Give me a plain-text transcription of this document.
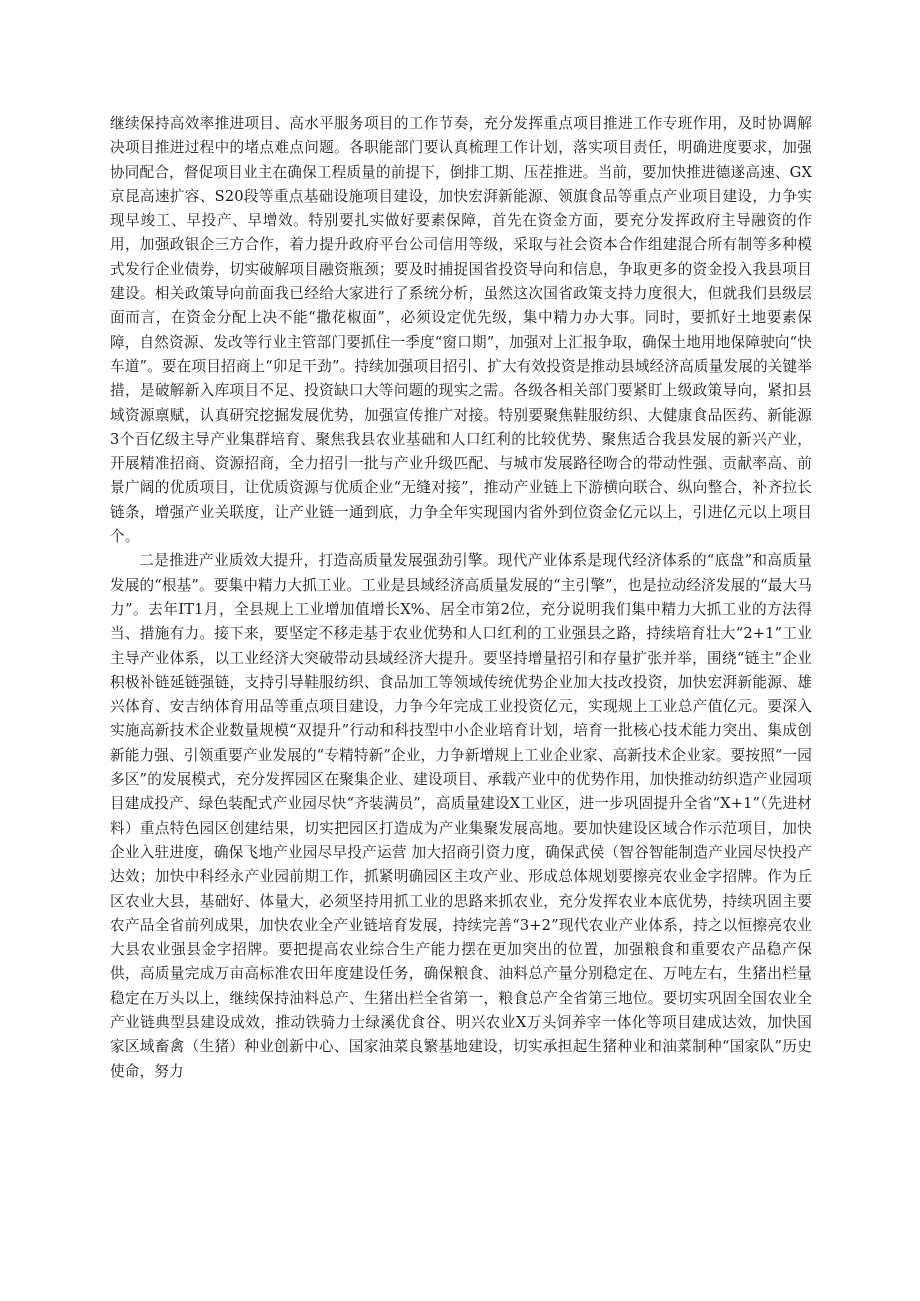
继续保持高效率推进项目、高水平服务项目的工作节奏，充分发挥重点项目推进工作专班作用，及时协调解决项目推进过程中的堵点难点问题。各职能部门要认真梳理工作计划，落实项目责任，明确进度要求，加强协同配合，督促项目业主在确保工程质量的前提下，倒排工期、压茬推进。当前，要加快推进德遂高速、GX京昆高速扩容、S20段等重点基础设施项目建设，加快宏湃新能源、领旗食品等重点产业项目建设，力争实现早竣工、早投产、早增效。特别要扎实做好要素保障，首先在资金方面，要充分发挥政府主导融资的作用，加强政银企三方合作，着力提升政府平台公司信用等级，采取与社会资本合作组建混合所有制等多种模式发行企业债券，切实破解项目融资瓶颈；要及时捕捉国省投资导向和信息，争取更多的资金投入我县项目建设。相关政策导向前面我已经给大家进行了系统分析，虽然这次国省政策支持力度很大，但就我们县级层面而言，在资金分配上决不能“撒花椒面”，必须设定优先级，集中精力办大事。同时，要抓好土地要素保障，自然资源、发改等行业主管部门要抓住一季度“窗口期”，加强对上汇报争取，确保土地用地保障驶向“快车道”。要在项目招商上“卯足干劲”。持续加强项目招引、扩大有效投资是推动县域经济高质量发展的关键举措，是破解新入库项目不足、投资缺口大等问题的现实之需。各级各相关部门要紧盯上级政策导向，紧扣县域资源禀赋，认真研究挖掘发展优势，加强宣传推广对接。特别要聚焦鞋服纺织、大健康食品医药、新能源3个百亿级主导产业集群培育、聚焦我县农业基础和人口红利的比较优势、聚焦适合我县发展的新兴产业，开展精准招商、资源招商，全力招引一批与产业升级匹配、与城市发展路径吻合的带动性强、贡献率高、前景广阔的优质项目，让优质资源与优质企业“无缝对接”，推动产业链上下游横向联合、纵向整合，补齐拉长链条，增强产业关联度，让产业链一通到底，力争全年实现国内省外到位资金亿元以上，引进亿元以上项目个。

二是推进产业质效大提升，打造高质量发展强劲引擎。现代产业体系是现代经济体系的“底盘”和高质量发展的“根基”。要集中精力大抓工业。工业是县域经济高质量发展的“主引擎”，也是拉动经济发展的“最大马力”。去年IT1月，全县规上工业增加值增长X%、居全市第2位，充分说明我们集中精力大抓工业的方法得当、措施有力。接下来，要坚定不移走基于农业优势和人口红利的工业强县之路，持续培育壮大“2+1”工业主导产业体系，以工业经济大突破带动县域经济大提升。要坚持增量招引和存量扩张并举，围绕“链主”企业积极补链延链强链，支持引导鞋服纺织、食品加工等领域传统优势企业加大技改投资，加快宏湃新能源、雄兴体育、安吉纳体育用品等重点项目建设，力争今年完成工业投资亿元，实现规上工业总产值亿元。要深入实施高新技术企业数量规模“双提升”行动和科技型中小企业培育计划，培育一批核心技术能力突出、集成创新能力强、引领重要产业发展的“专精特新”企业，力争新增规上工业企业家、高新技术企业家。要按照“一园多区”的发展模式，充分发挥园区在聚集企业、建设项目、承载产业中的优势作用，加快推动纺织造产业园项目建成投产、绿色装配式产业园尽快“齐装满员”，高质量建设X工业区，进一步巩固提升全省“X+1”（先进材料）重点特色园区创建结果，切实把园区打造成为产业集聚发展高地。要加快建设区域合作示范项目，加快企业入驻进度，确保飞地产业园尽早投产运营 加大招商引资力度，确保武侯（智谷智能制造产业园尽快投产达效；加快中科经永产业园前期工作，抓紧明确园区主攻产业、形成总体规划要擦亮农业金字招牌。作为丘区农业大县，基础好、体量大，必须坚持用抓工业的思路来抓农业，充分发挥农业本底优势，持续巩固主要农产品全省前列成果，加快农业全产业链培育发展，持续完善“3+2”现代农业产业体系，持之以恒擦亮农业大县农业强县金字招牌。要把提高农业综合生产能力摆在更加突出的位置，加强粮食和重要农产品稳产保供，高质量完成万亩高标准农田年度建设任务，确保粮食、油料总产量分别稳定在、万吨左右，生猪出栏量稳定在万头以上，继续保持油料总产、生猪出栏全省第一，粮食总产全省第三地位。要切实巩固全国农业全产业链典型县建设成效，推动铁骑力士绿溪优食谷、明兴农业X万头饲养宰一体化等项目建成达效，加快国家区域畜禽（生猪）种业创新中心、国家油菜良繁基地建设，切实承担起生猪种业和油菜制种“国家队”历史使命，努力
